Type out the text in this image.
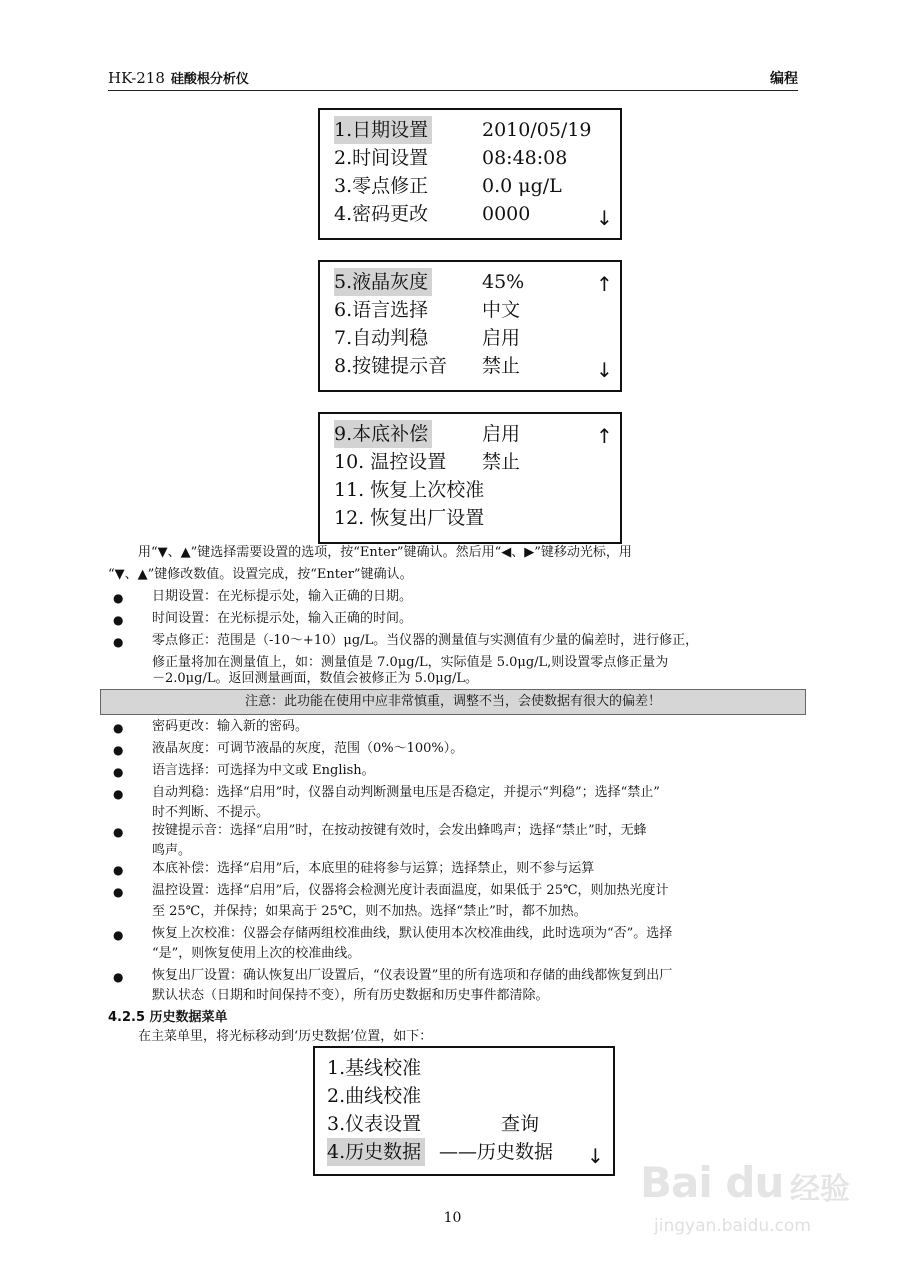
HK-218 硅酸根分析仪	编程
1.日期设置	2010/05/19
2.时间设置	08:48:08
3.零点修正	0.0 μg/L
4.密码更改	0000	↓
5.液晶灰度	45%
6.语言选择	中文
7.自动判稳	启用
8.按键提示音 禁止
↑
↓
9.本底补偿	启用
10. 温控设置 禁止
11. 恢复上次校准
12. 恢复出厂设置
↑
用“▼、▲”键选择需要设置的选项，按“Enter”键确认。然后用“◀、▶”键移动光标，用
“▼、▲”键修改数值。设置完成，按“Enter”键确认。
● 日期设置：在光标提示处，输入正确的日期。
● 时间设置：在光标提示处，输入正确的时间。
● 零点修正：范围是（-10～+10）μg/L。当仪器的测量值与实测值有少量的偏差时，进行修正，
修正量将加在测量值上，如：测量值是 7.0μg/L，实际值是 5.0μg/L,则设置零点修正量为
－2.0μg/L。返回测量画面，数值会被修正为 5.0μg/L。
注意：此功能在使用中应非常慎重，调整不当，会使数据有很大的偏差！
● 密码更改：输入新的密码。
● 液晶灰度：可调节液晶的灰度，范围（0%～100%）。
● 语言选择：可选择为中文或 English。
● 自动判稳：选择“启用”时，仪器自动判断测量电压是否稳定，并提示“判稳”；选择“禁止”
时不判断、不提示。
● 按键提示音：选择“启用”时，在按动按键有效时，会发出蜂鸣声；选择“禁止”时，无蜂
鸣声。
● 本底补偿：选择“启用”后，本底里的硅将参与运算；选择禁止，则不参与运算
● 温控设置：选择“启用”后，仪器将会检测光度计表面温度，如果低于 25℃，则加热光度计
至 25℃，并保持；如果高于 25℃，则不加热。选择“禁止”时，都不加热。
● 恢复上次校准：仪器会存储两组校准曲线，默认使用本次校准曲线，此时选项为“否”。选择
“是”，则恢复使用上次的校准曲线。
● 恢复出厂设置：确认恢复出厂设置后，“仪表设置”里的所有选项和存储的曲线都恢复到出厂
默认状态（日期和时间保持不变），所有历史数据和历史事件都清除。
4.2.5 历史数据菜单
在主菜单里，将光标移动到‘历史数据’位置，如下：
1.基线校准
2.曲线校准
3.仪表设置	查询
4.历史数据 ——历史数据 ↓
10
Bai du 经验
jingyan.baidu.com
